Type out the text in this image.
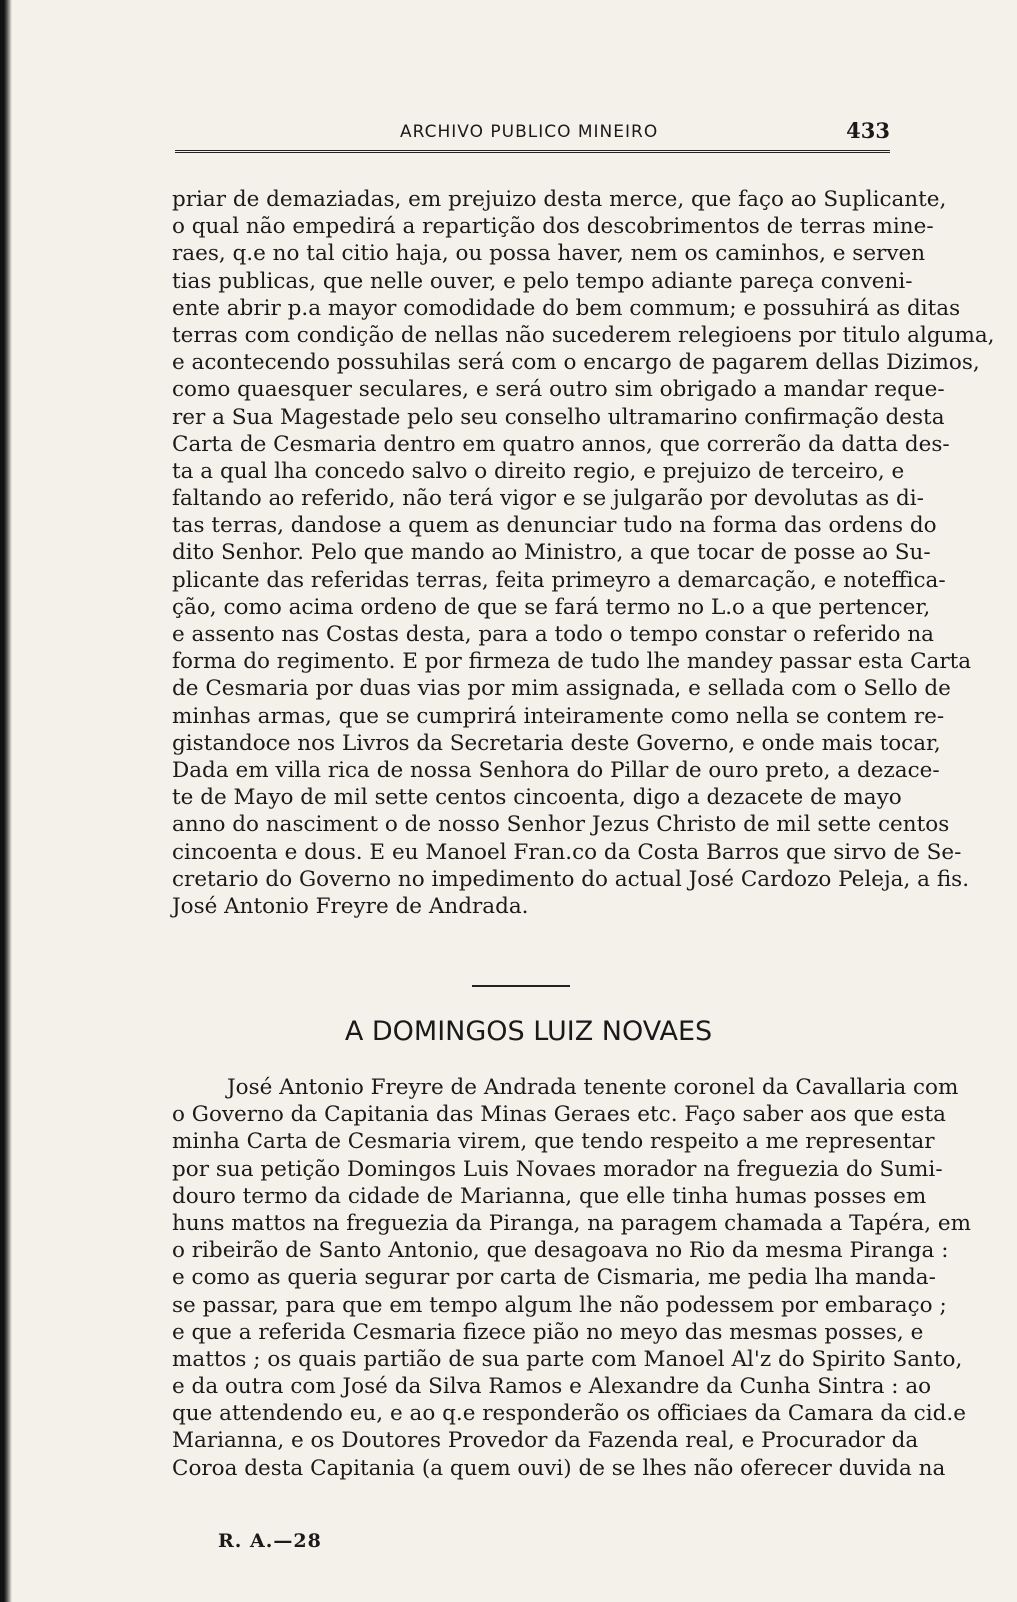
ARCHIVO PUBLICO MINEIRO	433
priar de demaziadas, em prejuizo desta merce, que faço ao Suplicante,
o qual não empedirá a repartição dos descobrimentos de terras mine-
raes, q.e no tal citio haja, ou possa haver, nem os caminhos, e serven
tias publicas, que nelle ouver, e pelo tempo adiante pareça conveni-
ente abrir p.a mayor comodidade do bem commum; e possuhirá as ditas
terras com condição de nellas não sucederem relegioens por titulo alguma,
e acontecendo possuhilas será com o encargo de pagarem dellas Dizimos,
como quaesquer seculares, e será outro sim obrigado a mandar reque-
rer a Sua Magestade pelo seu conselho ultramarino confirmação desta
Carta de Cesmaria dentro em quatro annos, que correrão da datta des-
ta a qual lha concedo salvo o direito regio, e prejuizo de terceiro, e
faltando ao referido, não terá vigor e se julgarão por devolutas as di-
tas terras, dandose a quem as denunciar tudo na forma das ordens do
dito Senhor. Pelo que mando ao Ministro, a que tocar de posse ao Su-
plicante das referidas terras, feita primeyro a demarcação, e noteffica-
ção, como acima ordeno de que se fará termo no L.o a que pertencer,
e assento nas Costas desta, para a todo o tempo constar o referido na
forma do regimento. E por firmeza de tudo lhe mandey passar esta Carta
de Cesmaria por duas vias por mim assignada, e sellada com o Sello de
minhas armas, que se cumprirá inteiramente como nella se contem re-
gistandoce nos Livros da Secretaria deste Governo, e onde mais tocar,
Dada em villa rica de nossa Senhora do Pillar de ouro preto, a dezace-
te de Mayo de mil sette centos cincoenta, digo a dezacete de mayo
anno do nasciment o de nosso Senhor Jezus Christo de mil sette centos
cincoenta e dous. E eu Manoel Fran.co da Costa Barros que sirvo de Se-
cretario do Governo no impedimento do actual José Cardozo Peleja, a fis.
José Antonio Freyre de Andrada.
A DOMINGOS LUIZ NOVAES
José Antonio Freyre de Andrada tenente coronel da Cavallaria com
o Governo da Capitania das Minas Geraes etc. Faço saber aos que esta
minha Carta de Cesmaria virem, que tendo respeito a me representar
por sua petição Domingos Luis Novaes morador na freguezia do Sumi-
douro termo da cidade de Marianna, que elle tinha humas posses em
huns mattos na freguezia da Piranga, na paragem chamada a Tapéra, em
o ribeirão de Santo Antonio, que desagoava no Rio da mesma Piranga :
e como as queria segurar por carta de Cismaria, me pedia lha manda-
se passar, para que em tempo algum lhe não podessem por embaraço ;
e que a referida Cesmaria fizece pião no meyo das mesmas posses, e
mattos ; os quais partião de sua parte com Manoel Al'z do Spirito Santo,
e da outra com José da Silva Ramos e Alexandre da Cunha Sintra : ao
que attendendo eu, e ao q.e responderão os officiaes da Camara da cid.e
Marianna, e os Doutores Provedor da Fazenda real, e Procurador da
Coroa desta Capitania (a quem ouvi) de se lhes não oferecer duvida na
R. A.—28
